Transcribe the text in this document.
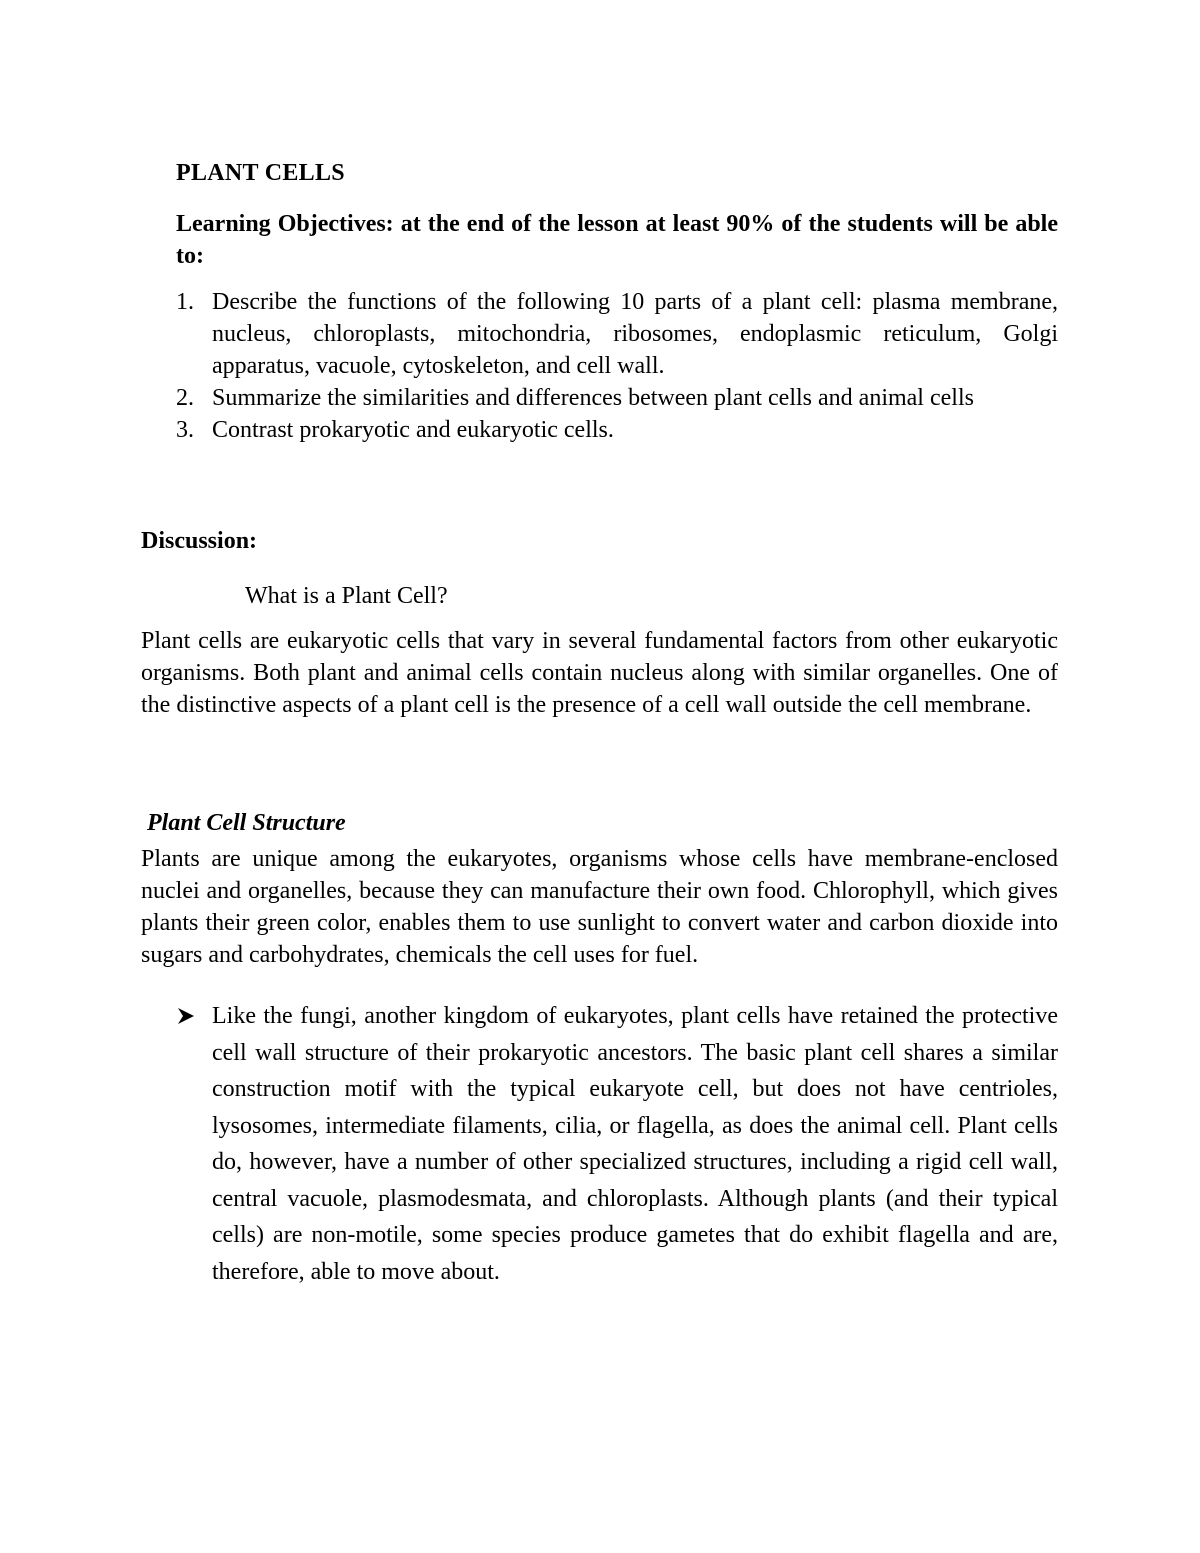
PLANT CELLS
Learning Objectives: at the end of the lesson at least 90% of the students will be able to:
1. Describe the functions of the following 10 parts of a plant cell: plasma membrane, nucleus, chloroplasts, mitochondria, ribosomes, endoplasmic reticulum, Golgi apparatus, vacuole, cytoskeleton, and cell wall.
2. Summarize the similarities and differences between plant cells and animal cells
3. Contrast prokaryotic and eukaryotic cells.
Discussion:
What is a Plant Cell?

Plant cells are eukaryotic cells that vary in several fundamental factors from other eukaryotic organisms. Both plant and animal cells contain nucleus along with similar organelles. One of the distinctive aspects of a plant cell is the presence of a cell wall outside the cell membrane.

Plant Cell Structure

Plants are unique among the eukaryotes, organisms whose cells have membrane-enclosed nuclei and organelles, because they can manufacture their own food. Chlorophyll, which gives plants their green color, enables them to use sunlight to convert water and carbon dioxide into sugars and carbohydrates, chemicals the cell uses for fuel.

Like the fungi, another kingdom of eukaryotes, plant cells have retained the protective cell wall structure of their prokaryotic ancestors. The basic plant cell shares a similar construction motif with the typical eukaryote cell, but does not have centrioles, lysosomes, intermediate filaments, cilia, or flagella, as does the animal cell. Plant cells do, however, have a number of other specialized structures, including a rigid cell wall, central vacuole, plasmodesmata, and chloroplasts. Although plants (and their typical cells) are non-motile, some species produce gametes that do exhibit flagella and are, therefore, able to move about.
